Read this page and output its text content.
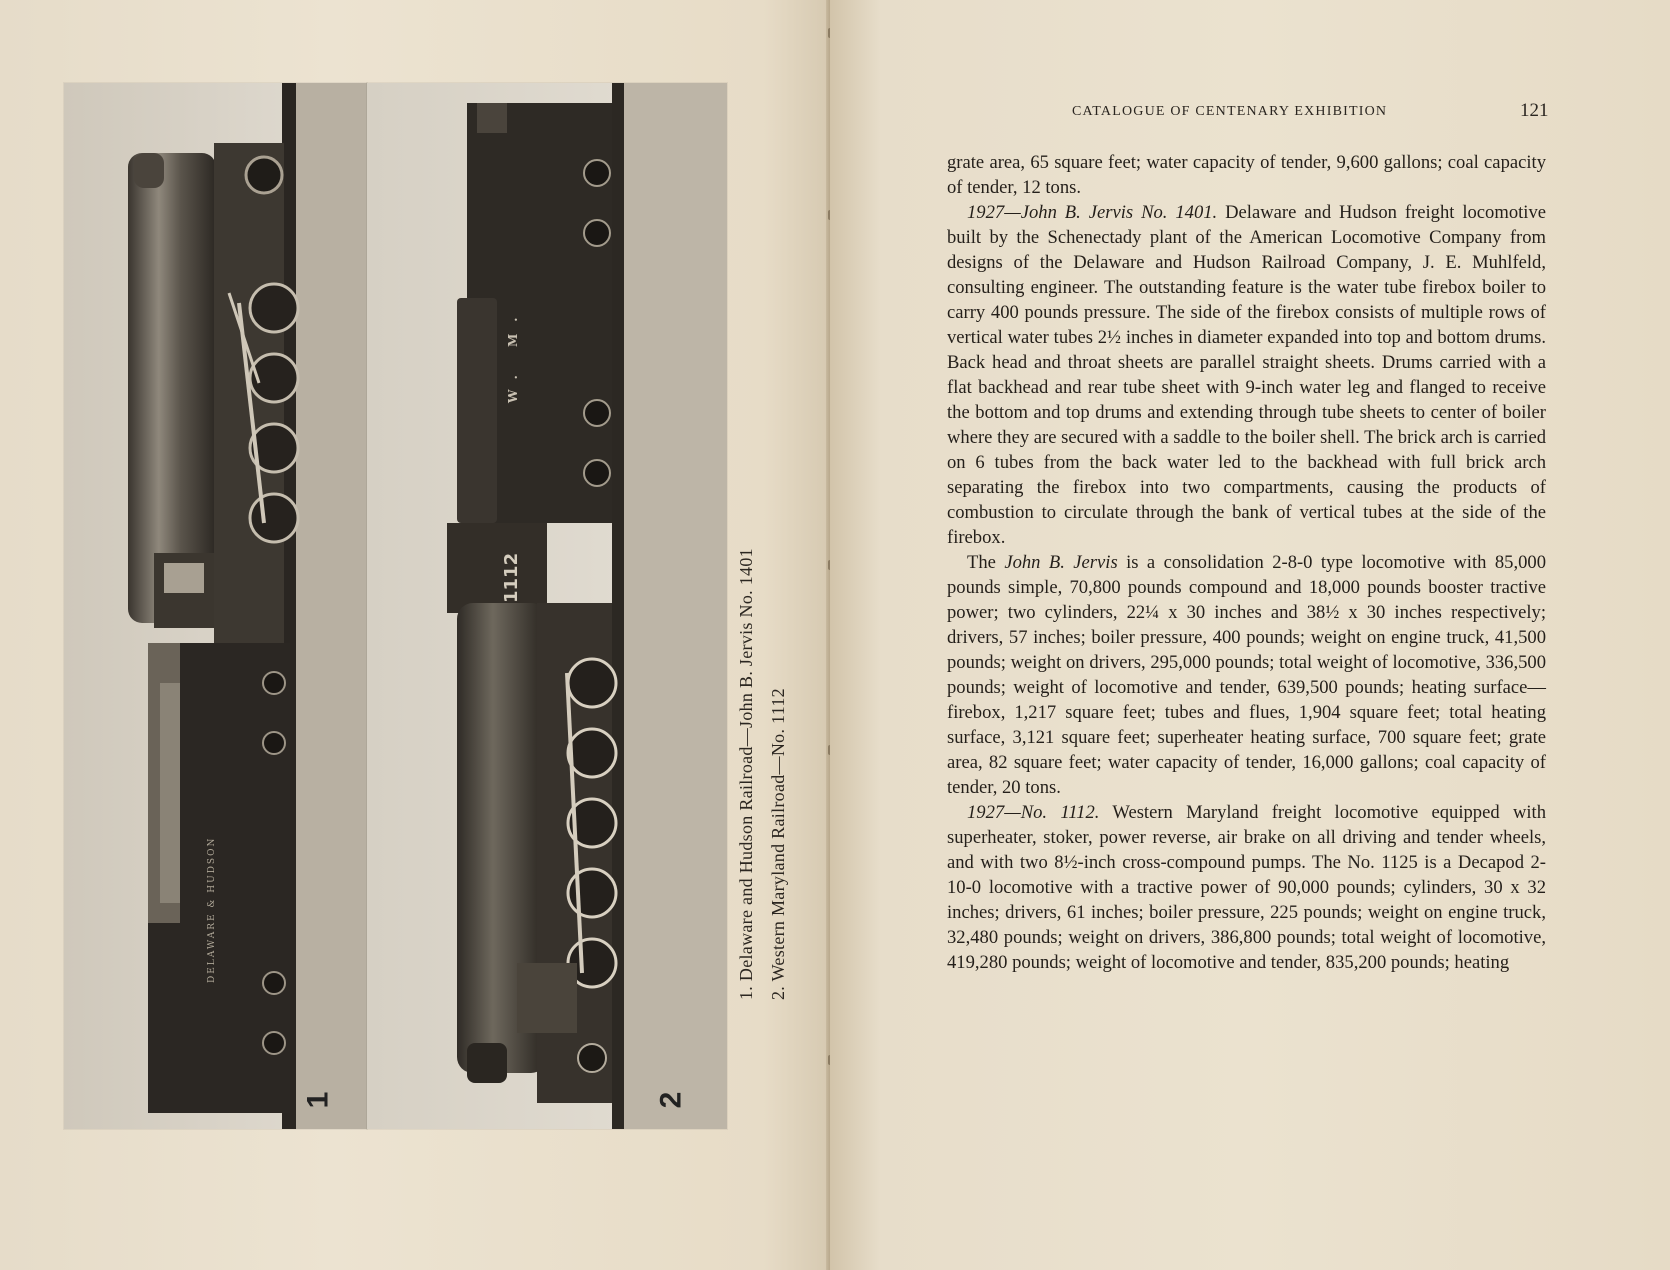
DELAWARE & HUDSON
1
W. M.
1112
2
1. Delaware and Hudson Railroad—John B. Jervis No. 1401 2. Western Maryland Railroad—No. 1112
CATALOGUE OF CENTENARY EXHIBITION	121

grate area, 65 square feet; water capacity of tender, 9,600 gallons; coal capacity of tender, 12 tons.

1927—John B. Jervis No. 1401. Delaware and Hudson freight locomotive built by the Schenectady plant of the American Locomotive Company from designs of the Delaware and Hudson Railroad Company, J. E. Muhlfeld, consulting engineer. The outstanding feature is the water tube firebox boiler to carry 400 pounds pressure. The side of the firebox consists of multiple rows of vertical water tubes 2½ inches in diameter expanded into top and bottom drums. Back head and throat sheets are parallel straight sheets. Drums carried with a flat backhead and rear tube sheet with 9-inch water leg and flanged to receive the bottom and top drums and extending through tube sheets to center of boiler where they are secured with a saddle to the boiler shell. The brick arch is carried on 6 tubes from the back water led to the backhead with full brick arch separating the firebox into two compartments, causing the products of combustion to circulate through the bank of vertical tubes at the side of the firebox.

The John B. Jervis is a consolidation 2-8-0 type locomotive with 85,000 pounds simple, 70,800 pounds compound and 18,000 pounds booster tractive power; two cylinders, 22¼ x 30 inches and 38½ x 30 inches respectively; drivers, 57 inches; boiler pressure, 400 pounds; weight on engine truck, 41,500 pounds; weight on drivers, 295,000 pounds; total weight of locomotive, 336,500 pounds; weight of locomotive and tender, 639,500 pounds; heating surface—firebox, 1,217 square feet; tubes and flues, 1,904 square feet; total heating surface, 3,121 square feet; superheater heating surface, 700 square feet; grate area, 82 square feet; water capacity of tender, 16,000 gallons; coal capacity of tender, 20 tons.

1927—No. 1112. Western Maryland freight locomotive equipped with superheater, stoker, power reverse, air brake on all driving and tender wheels, and with two 8½-inch cross-compound pumps. The No. 1125 is a Decapod 2-10-0 locomotive with a tractive power of 90,000 pounds; cylinders, 30 x 32 inches; drivers, 61 inches; boiler pressure, 225 pounds; weight on engine truck, 32,480 pounds; weight on drivers, 386,800 pounds; total weight of locomotive, 419,280 pounds; weight of locomotive and tender, 835,200 pounds; heating
